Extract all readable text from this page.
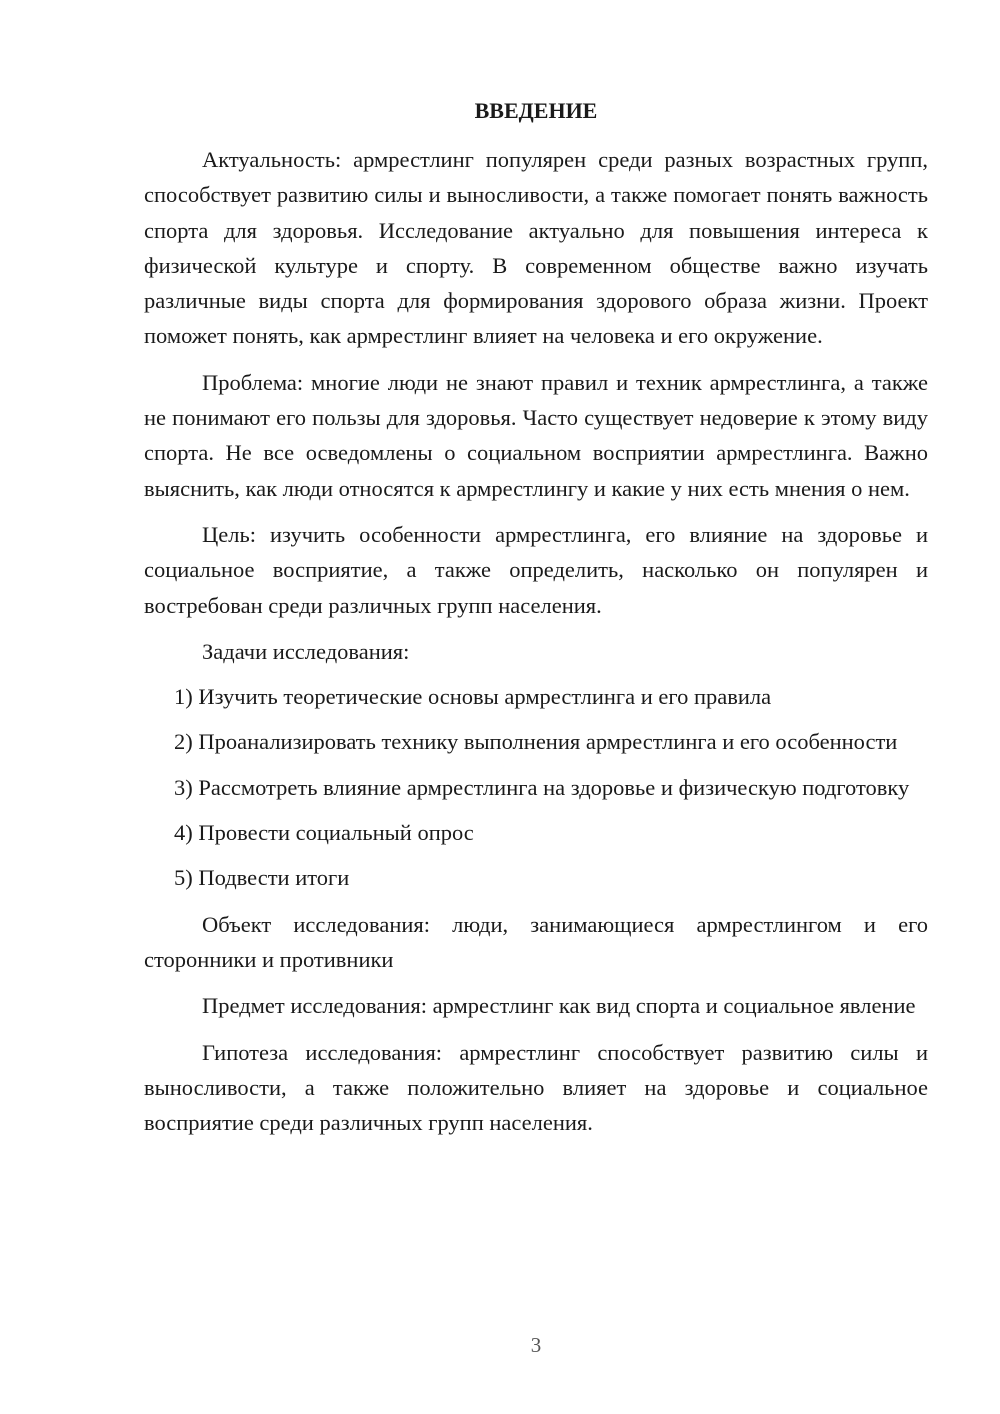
ВВЕДЕНИЕ

Актуальность: армрестлинг популярен среди разных возрастных групп, способствует развитию силы и выносливости, а также помогает понять важность спорта для здоровья. Исследование актуально для повышения интереса к физической культуре и спорту. В современном обществе важно изучать различные виды спорта для формирования здорового образа жизни. Проект поможет понять, как армрестлинг влияет на человека и его окружение.

Проблема: многие люди не знают правил и техник армрестлинга, а также не понимают его пользы для здоровья. Часто существует недоверие к этому виду спорта. Не все осведомлены о социальном восприятии армрестлинга. Важно выяснить, как люди относятся к армрестлингу и какие у них есть мнения о нем.

Цель: изучить особенности армрестлинга, его влияние на здоровье и социальное восприятие, а также определить, насколько он популярен и востребован среди различных групп населения.

Задачи исследования:

1) Изучить теоретические основы армрестлинга и его правила

2) Проанализировать технику выполнения армрестлинга и его особенности

3) Рассмотреть влияние армрестлинга на здоровье и физическую подготовку

4) Провести социальный опрос

5) Подвести итоги

Объект исследования: люди, занимающиеся армрестлингом и его сторонники и противники

Предмет исследования: армрестлинг как вид спорта и социальное явление

Гипотеза исследования: армрестлинг способствует развитию силы и выносливости, а также положительно влияет на здоровье и социальное восприятие среди различных групп населения.

3
